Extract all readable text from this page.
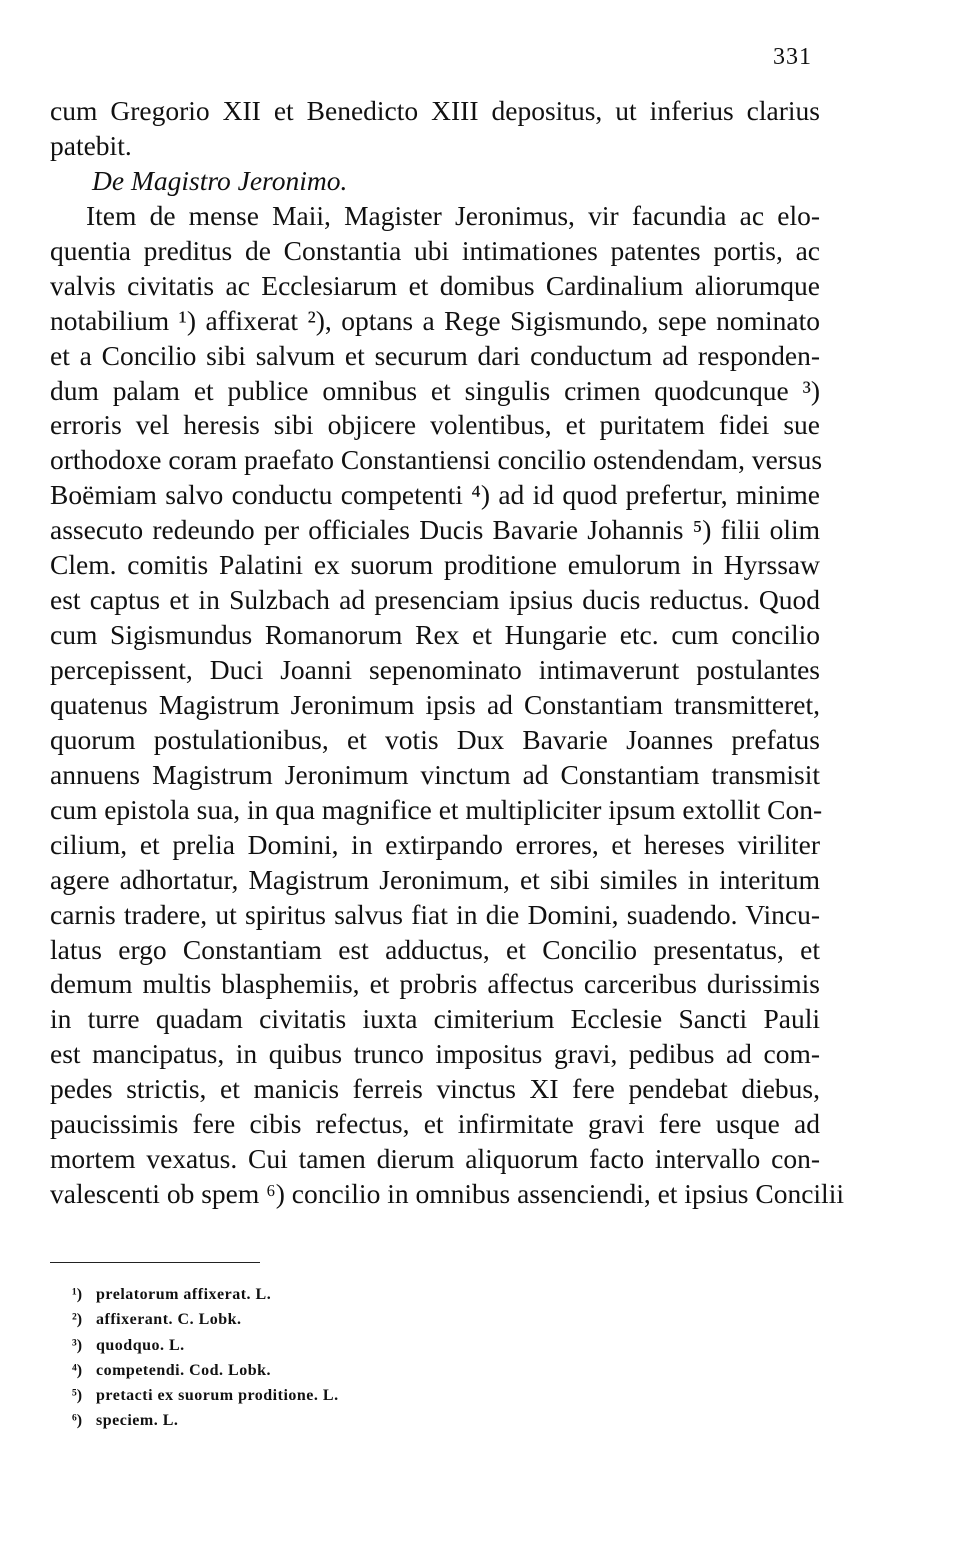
331
cum Gregorio XII et Benedicto XIII depositus, ut inferius clarius
patebit.
De Magistro Jeronimo.
Item de mense Maii, Magister Jeronimus, vir facundia ac elo-
quentia preditus de Constantia ubi intimationes patentes portis, ac
valvis civitatis ac Ecclesiarum et domibus Cardinalium aliorumque
notabilium ¹) affixerat ²), optans a Rege Sigismundo, sepe nominato
et a Concilio sibi salvum et securum dari conductum ad responden-
dum palam et publice omnibus et singulis crimen quodcunque ³)
erroris vel heresis sibi objicere volentibus, et puritatem fidei sue
orthodoxe coram praefato Constantiensi concilio ostendendam, versus
Boëmiam salvo conductu competenti ⁴) ad id quod prefertur, minime
assecuto redeundo per officiales Ducis Bavarie Johannis ⁵) filii olim
Clem. comitis Palatini ex suorum proditione emulorum in Hyrssaw
est captus et in Sulzbach ad presenciam ipsius ducis reductus. Quod
cum Sigismundus Romanorum Rex et Hungarie etc. cum concilio
percepissent, Duci Joanni sepenominato intimaverunt postulantes
quatenus Magistrum Jeronimum ipsis ad Constantiam transmitteret,
quorum postulationibus, et votis Dux Bavarie Joannes prefatus
annuens Magistrum Jeronimum vinctum ad Constantiam transmisit
cum epistola sua, in qua magnifice et multipliciter ipsum extollit Con-
cilium, et prelia Domini, in extirpando errores, et hereses viriliter
agere adhortatur, Magistrum Jeronimum, et sibi similes in interitum
carnis tradere, ut spiritus salvus fiat in die Domini, suadendo. Vincu-
latus ergo Constantiam est adductus, et Concilio presentatus, et
demum multis blasphemiis, et probris affectus carceribus durissimis
in turre quadam civitatis iuxta cimiterium Ecclesie Sancti Pauli
est mancipatus, in quibus trunco impositus gravi, pedibus ad com-
pedes strictis, et manicis ferreis vinctus XI fere pendebat diebus,
paucissimis fere cibis refectus, et infirmitate gravi fere usque ad
mortem vexatus. Cui tamen dierum aliquorum facto intervallo con-
valescenti ob spem ⁶) concilio in omnibus assenciendi, et ipsius Concilii
¹) prelatorum affixerat. L.
²) affixerant. C. Lobk.
³) quodquo. L.
⁴) competendi. Cod. Lobk.
⁵) pretacti ex suorum proditione. L.
⁶) speciem. L.
